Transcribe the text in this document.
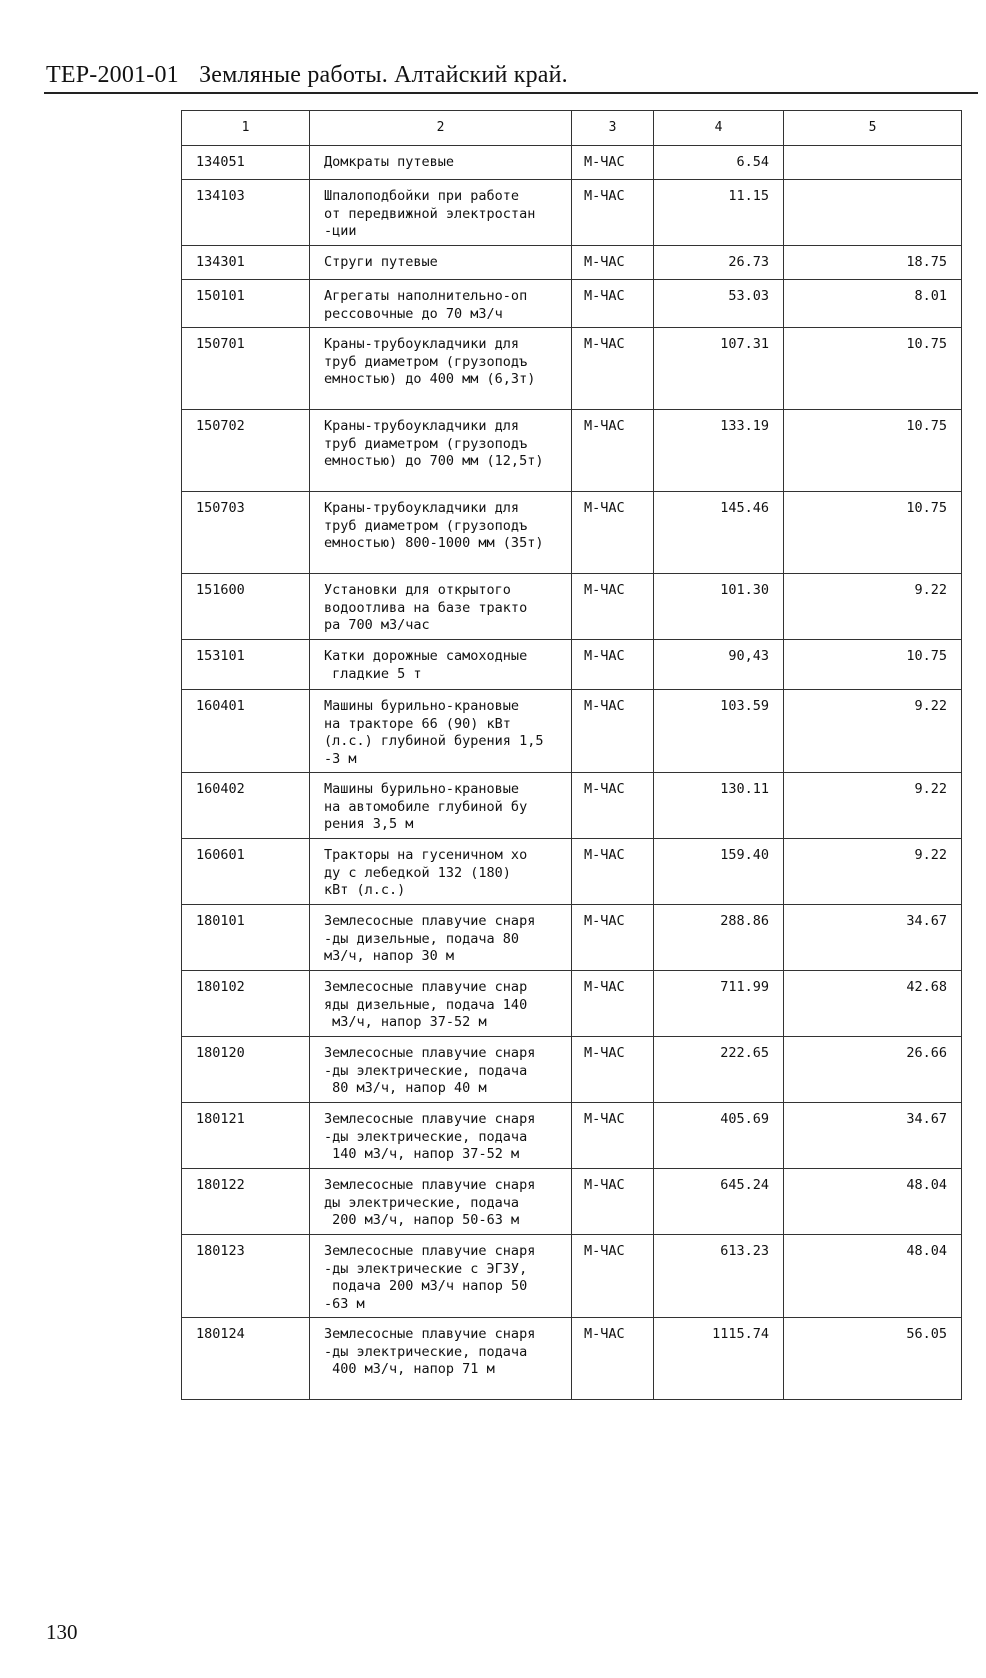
ТЕР-2001-01 Земляные работы. Алтайский край.
1	2	3	4	5

134051	Домкраты путевые	М-ЧАС	6.54	

134103	Шпалоподбойки при работе
от передвижной электростан
-ции	М-ЧАС	11.15	

134301	Струги путевые	М-ЧАС	26.73	18.75

150101	Агрегаты наполнительно-оп
рессовочные до 70 м3/ч	М-ЧАС	53.03	8.01

150701	Краны-трубоукладчики для
труб диаметром (грузоподъ
емностью) до 400 мм (6,3т)	М-ЧАС	107.31	10.75

150702	Краны-трубоукладчики для
труб диаметром (грузоподъ
емностью) до 700 мм (12,5т)	М-ЧАС	133.19	10.75

150703	Краны-трубоукладчики для
труб диаметром (грузоподъ
емностью) 800-1000 мм (35т)	М-ЧАС	145.46	10.75

151600	Установки для открытого
водоотлива на базе тракто
ра 700 м3/час	М-ЧАС	101.30	9.22

153101	Катки дорожные самоходные
гладкие 5 т	М-ЧАС	90,43	10.75

160401	Машины бурильно-крановые
на тракторе 66 (90) кВт
(л.с.) глубиной бурения 1,5
-3 м	М-ЧАС	103.59	9.22

160402	Машины бурильно-крановые
на автомобиле глубиной бу
рения 3,5 м	М-ЧАС	130.11	9.22

160601	Тракторы на гусеничном хо
ду с лебедкой 132 (180)
кВт (л.с.)	М-ЧАС	159.40	9.22

180101	Землесосные плавучие снаря
-ды дизельные, подача 80
м3/ч, напор 30 м	М-ЧАС	288.86	34.67

180102	Землесосные плавучие снар
яды дизельные, подача 140
м3/ч, напор 37-52 м	М-ЧАС	711.99	42.68

180120	Землесосные плавучие снаря
-ды электрические, подача
80 м3/ч, напор 40 м	М-ЧАС	222.65	26.66

180121	Землесосные плавучие снаря
-ды электрические, подача
140 м3/ч, напор 37-52 м	М-ЧАС	405.69	34.67

180122	Землесосные плавучие снаря
ды электрические, подача
200 м3/ч, напор 50-63 м	М-ЧАС	645.24	48.04

180123	Землесосные плавучие снаря
-ды электрические с ЭГЗУ,
подача 200 м3/ч напор 50
-63 м	М-ЧАС	613.23	48.04

180124	Землесосные плавучие снаря
-ды электрические, подача
400 м3/ч, напор 71 м	М-ЧАС	1115.74	56.05
130
